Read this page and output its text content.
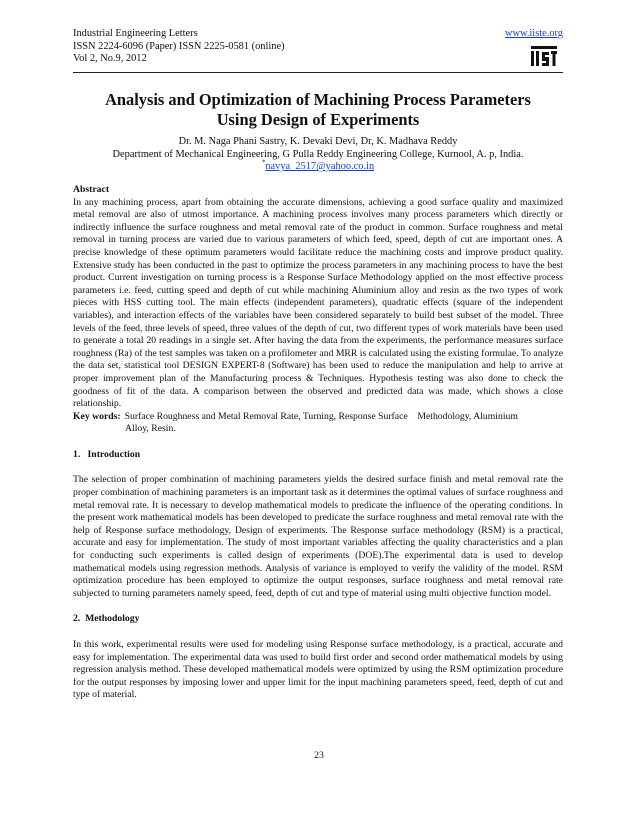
Industrial Engineering Letters
ISSN 2224-6096 (Paper) ISSN 2225-0581 (online)
Vol 2, No.9, 2012
www.iiste.org
Analysis and Optimization of Machining Process Parameters
Using Design of Experiments
Dr. M. Naga Phani Sastry, K. Devaki Devi, Dr, K. Madhava Reddy
Department of Mechanical Engineering, G Pulla Reddy Engineering College, Kurnool, A. p, India.
*navya_2517@yahoo.co.in

Abstract

In any machining process, apart from obtaining the accurate dimensions, achieving a good surface quality and maximized metal removal are also of utmost importance. A machining process involves many process parameters which directly or indirectly influence the surface roughness and metal removal rate of the product in common. Surface roughness and metal removal in turning process are varied due to various parameters of which feed, speed, depth of cut are important ones. A precise knowledge of these optimum parameters would facilitate reduce the machining costs and improve product quality. Extensive study has been conducted in the past to optimize the process parameters in any machining process to have the best product. Current investigation on turning process is a Response Surface Methodology applied on the most effective process parameters i.e. feed, cutting speed and depth of cut while machining Aluminium alloy and resin as the two types of work pieces with HSS cutting tool. The main effects (independent parameters), quadratic effects (square of the independent variables), and interaction effects of the variables have been considered separately to build best subset of the model. Three levels of the feed, three levels of speed, three values of the depth of cut, two different types of work materials have been used to generate a total 20 readings in a single set. After having the data from the experiments, the performance measures surface roughness (Ra) of the test samples was taken on a profilometer and MRR is calculated using the existing formulae. To analyze the data set, statistical tool DESIGN EXPERT-8 (Software) has been used to reduce the manipulation and help to arrive at proper improvement plan of the Manufacturing process & Techniques. Hypothesis testing was also done to check the goodness of fit of the data. A comparison between the observed and predicted data was made, which shows a close relationship.

Key words: Surface Roughness and Metal Removal Rate, Turning, Response Surface    Methodology, Aluminium

Alloy, Resin.

1.   Introduction

The selection of proper combination of machining parameters yields the desired surface finish and metal removal rate the proper combination of machining parameters is an important task as it determines the optimal values of surface roughness and metal removal rate. It is necessary to develop mathematical models to predicate the influence of the operating conditions. In the present work mathematical models has been developed to predicate the surface roughness and metal removal rate with the help of Response surface methodology, Design of experiments. The Response surface methodology (RSM) is a practical, accurate and easy for implementation. The study of most important variables affecting the quality characteristics and a plan for conducting such experiments is called design of experiments (DOE).The experimental data is used to develop mathematical models using regression methods. Analysis of variance is employed to verify the validity of the model. RSM optimization procedure has been employed to optimize the output responses, surface roughness and metal removal rate subjected to turning parameters namely speed, feed, depth of cut and type of material using multi objective function model.

2.  Methodology

In this work, experimental results were used for modeling using Response surface methodology, is a practical, accurate and easy for implementation. The experimental data was used to build first order and second order mathematical models by using regression analysis method. These developed mathematical models were optimized by using the RSM optimization procedure for the output responses by imposing lower and upper limit for the input machining parameters speed, feed, depth of cut and type of material.

23
